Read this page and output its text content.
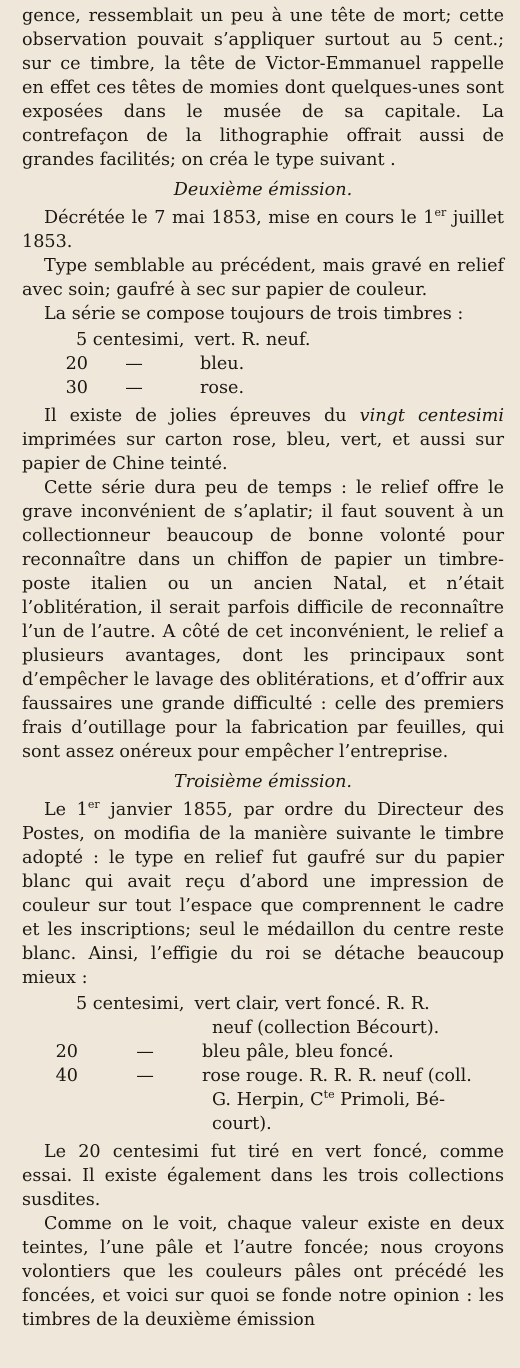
gence, ressemblait un peu à une tête de mort; cette observation pouvait s’appliquer surtout au 5 cent.; sur ce timbre, la tête de Victor-Emmanuel rappelle en effet ces têtes de momies dont quelques-unes sont exposées dans le musée de sa capitale. La contrefaçon de la lithographie offrait aussi de grandes facilités; on créa le type suivant .

Deuxième émission.

Décrétée le 7 mai 1853, mise en cours le 1er juillet 1853.

Type semblable au précédent, mais gravé en relief avec soin; gaufré à sec sur papier de couleur.

La série se compose toujours de trois timbres :

5 centesimi, vert. R. neuf.
20	—	bleu.
30	—	rose.

Il existe de jolies épreuves du vingt centesimi imprimées sur carton rose, bleu, vert, et aussi sur papier de Chine teinté.

Cette série dura peu de temps : le relief offre le grave inconvénient de s’aplatir; il faut souvent à un collectionneur beaucoup de bonne volonté pour reconnaître dans un chiffon de papier un timbre-poste italien ou un ancien Natal, et n’était l’oblitération, il serait parfois difficile de reconnaître l’un de l’autre. A côté de cet inconvénient, le relief a plusieurs avantages, dont les principaux sont d’empêcher le lavage des oblitérations, et d’offrir aux faussaires une grande difficulté : celle des premiers frais d’outillage pour la fabrication par feuilles, qui sont assez onéreux pour empêcher l’entreprise.

Troisième émission.

Le 1er janvier 1855, par ordre du Directeur des Postes, on modifia de la manière suivante le timbre adopté : le type en relief fut gaufré sur du papier blanc qui avait reçu d’abord une impression de couleur sur tout l’espace que comprennent le cadre et les inscriptions; seul le médaillon du centre reste blanc. Ainsi, l’effigie du roi se détache beaucoup mieux :

5 centesimi, vert clair, vert foncé. R. R.
neuf (collection Bécourt).
20	—	bleu pâle, bleu foncé.
40	—	rose rouge. R. R. R. neuf (coll.
G. Herpin, $C^{te}$ Primoli, Bé-
court).

Le 20 centesimi fut tiré en vert foncé, comme essai. Il existe également dans les trois collections susdites.

Comme on le voit, chaque valeur existe en deux teintes, l’une pâle et l’autre foncée; nous croyons volontiers que les couleurs pâles ont précédé les foncées, et voici sur quoi se fonde notre opinion : les timbres de la deuxième émission
